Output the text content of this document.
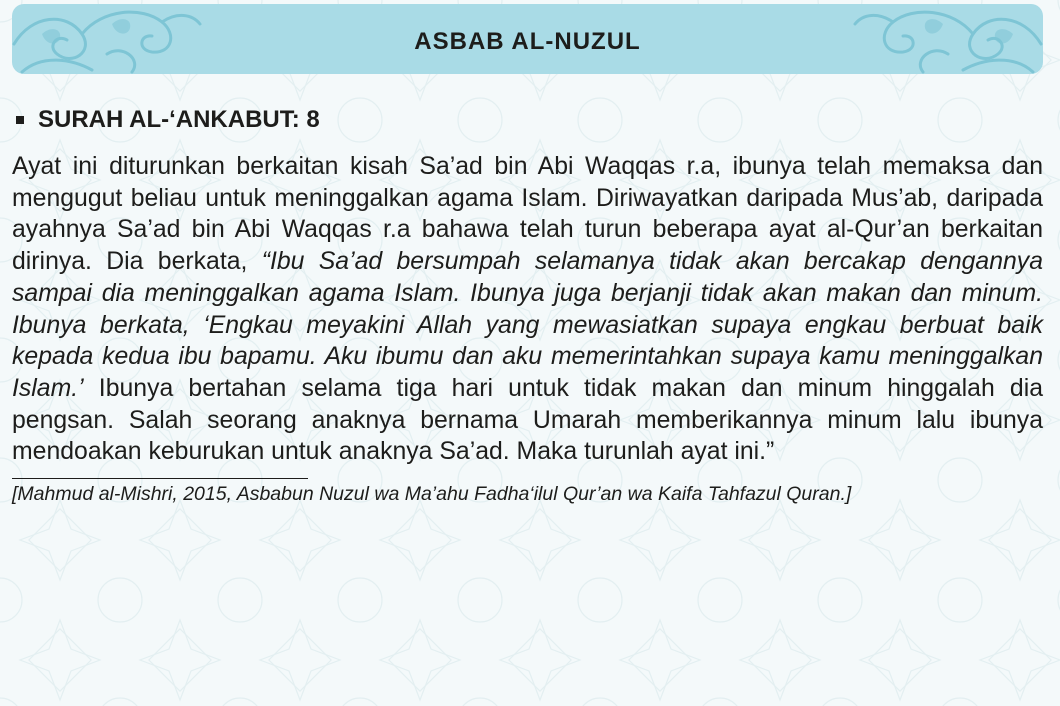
ASBAB AL-NUZUL
SURAH AL-‘ANKABUT: 8
Ayat ini diturunkan berkaitan kisah Sa’ad bin Abi Waqqas r.a, ibunya telah memaksa dan mengugut beliau untuk meninggalkan agama Islam. Diriwayatkan daripada Mus’ab, daripada ayahnya Sa’ad bin Abi Waqqas r.a bahawa telah turun beberapa ayat al-Qur’an berkaitan dirinya. Dia berkata, “Ibu Sa’ad bersumpah selamanya tidak akan bercakap dengannya sampai dia meninggalkan agama Islam. Ibunya juga berjanji tidak akan makan dan minum. Ibunya berkata, ‘Engkau meyakini Allah yang mewasiatkan supaya engkau berbuat baik kepada kedua ibu bapamu. Aku ibumu dan aku memerintahkan supaya kamu meninggalkan Islam.’ Ibunya bertahan selama tiga hari untuk tidak makan dan minum hinggalah dia pengsan. Salah seorang anaknya bernama Umarah memberikannya minum lalu ibunya mendoakan keburukan untuk anaknya Sa’ad. Maka turunlah ayat ini.”
[Mahmud al-Mishri, 2015, Asbabun Nuzul wa Ma’ahu Fadha‘ilul Qur’an wa Kaifa Tahfazul Quran.]
